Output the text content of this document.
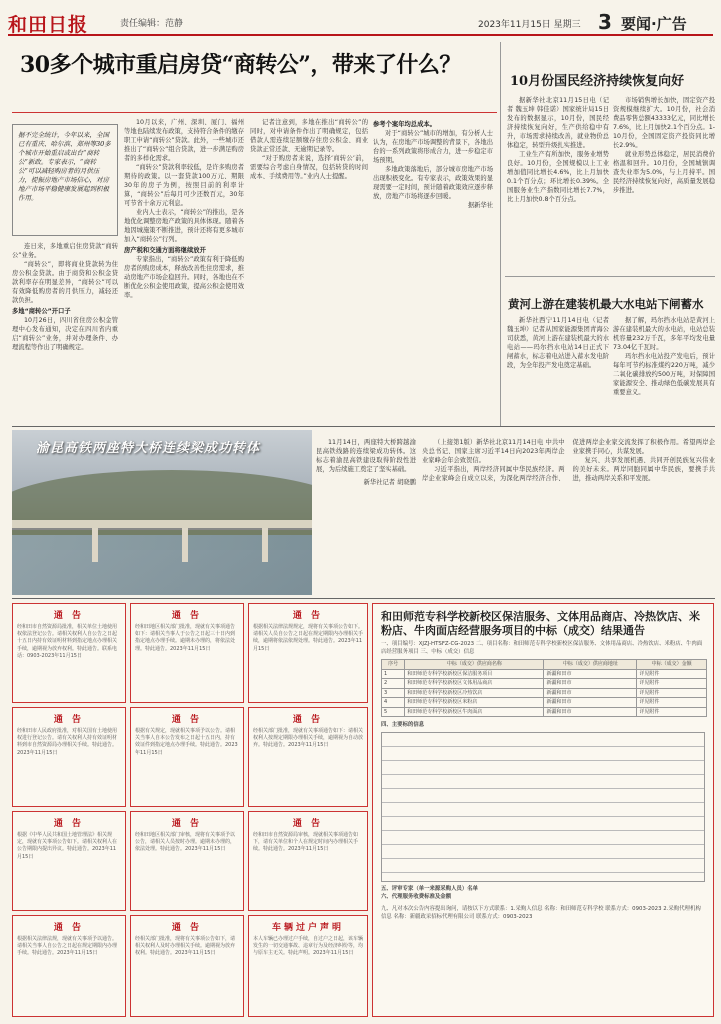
和田日报	责任编辑：范静	2023年11月15日 星期三 3 要闻·广告
30多个城市重启房贷“商转公”，带来了什么？
据不完全统计，今年以来，全国已有重庆、哈尔滨、郑州等30多个城市开始重启或出台“商转公”新政。专家表示，“商转公”可以减轻购房者的月供压力，提振房地产市场信心，对房地产市场平稳健康发展起到积极作用。

连日来，多地重启住房贷款“商转公”业务。

“商转公”，即将商业贷款转为住房公积金贷款。由于商贷和公积金贷款利率存在明显差异，“商转公”可以有效降低购房者的月供压力，减轻还款负担。

多地“商转公”开口子

10月26日，四川省住房公积金管理中心发布通知，决定在四川省内重启“商转公”业务，并对办理条件、办理流程等作出了明确规定。

10月以来，广州、深圳、厦门、福州等地也陆续发布政策，支持符合条件的缴存职工申请“商转公”贷款。此外，一些城市还推出了“商转公”组合贷款，进一步满足购房者的多样化需求。

“商转公”贷款利率较低，是许多购房者期待的政策。以一套贷款100万元、期限30年的房子为例，按照目前的利率计算，“商转公”后每月可少还数百元，30年可节省十余万元利息。

业内人士表示，“商转公”的推出，是各地优化调整房地产政策的具体体现。随着各地因城施策不断推进，预计还将有更多城市加入“商转公”行列。

房产税和交通方面将继续放开

专家指出，“商转公”政策有利于降低购房者的购房成本，释放改善性住房需求，推动房地产市场企稳回升。同时，各地也在不断优化公积金使用政策，提高公积金使用效率。

记者注意到，多地在推出“商转公”的同时，对申请条件作出了明确规定，包括借款人需连续足额缴存住房公积金、商业贷款正常还款、无逾期记录等。

“对于购房者来说，选择‘商转公’前，需要综合考虑自身情况，包括转贷的时间成本、手续费用等。”业内人士提醒。

参考个案年均总成本。

对于“商转公”城市的增加，有分析人士认为，在房地产市场调整的背景下，各地出台的一系列政策将形成合力，进一步稳定市场预期。

多地政策落地后，部分城市房地产市场出现积极变化。有专家表示，政策效果的显现需要一定时间，预计随着政策效应逐步释放，房地产市场将逐步回暖。

据新华社

10月份国民经济持续恢复向好

据新华社北京11月15日电（记者 魏玉坤 韩佳诺）国家统计局15日发布的数据显示，10月份，国民经济持续恢复向好，生产供给稳中有升，市场需求持续改善，就业物价总体稳定，转型升级扎实推进。

工业生产有所加快，服务业增势良好。10月份，全国规模以上工业增加值同比增长4.6%，比上月加快0.1个百分点；环比增长0.39%。全国服务业生产指数同比增长7.7%，比上月加快0.8个百分点。

市场销售增长加快，固定资产投资规模继续扩大。10月份，社会消费品零售总额43333亿元，同比增长7.6%，比上月加快2.1个百分点。1-10月份，全国固定资产投资同比增长2.9%。

就业形势总体稳定，居民消费价格温和回升。10月份，全国城镇调查失业率为5.0%，与上月持平。国民经济持续恢复向好，高质量发展稳步推进。

黄河上游在建装机最大水电站下闸蓄水

新华社西宁11月14日电（记者 魏玉坤）记者从国家能源集团青海公司获悉，黄河上游在建装机最大的水电站——玛尔挡水电站14日正式下闸蓄水，标志着电站进入蓄水发电阶段，为全年投产发电奠定基础。

据了解，玛尔挡水电站是黄河上游在建装机最大的水电站，电站总装机容量232万千瓦，多年平均发电量73.04亿千瓦时。

玛尔挡水电站投产发电后，预计每年可节约标准煤约220万吨，减少二氧化碳排放约500万吨，对保障国家能源安全、推动绿色低碳发展具有重要意义。

渝昆高铁两座特大桥连续梁成功转体	11月14日，两座特大桥跨越渝昆高铁线路的连续梁成功转体。这标志着渝昆高铁建设取得阶段性进展，为后续施工奠定了坚实基础。

新华社记者 胡晓鹏

（上接第1版）新华社北京11月14日电 中共中央总书记、国家主席习近平14日向2023年两岸企业家峰会年会致贺信。

习近平指出，两岸经济同属中华民族经济。两岸企业家峰会自成立以来，为深化两岸经济合作、促进两岸企业家交流发挥了积极作用。希望两岸企业家携手同心，共谋发展。

复兴、共享发展机遇、共同开创民族复兴伟业的美好未来。两岸同胞同属中华民族，要携手共进，推动两岸关系和平发展。

通 告
经和田市自然资源局批准，相关单位土地使用权依法登记公告。请相关权利人自公告之日起十五日内持有效证明材料到指定地点办理相关手续，逾期视为放弃权利。特此通告。联系电话：0903-2023年11月15日
通 告
经和田地区相关部门批准，现就有关事项通告如下：请相关当事人于公告之日起三十日内到指定地点办理手续。逾期未办理的，将依法处理。特此通告。2023年11月15日
通 告
根据相关法律法规规定，现将有关事项公告如下。请相关人员自公告之日起在规定期限内办理相关手续，逾期将依法依规处理。特此通告。2023年11月15日
通 告
经和田市人民政府批准，对相关国有土地使用权进行登记公告。请有关权利人持有效证明材料到市自然资源局办理相关手续。特此通告。2023年11月15日
通 告
根据有关规定，现就相关事项予以公告。请相关当事人自本公告发布之日起十五日内，持有效证件到指定地点办理手续。特此通告。2023年11月15日
通 告
经相关部门批准，现就有关事项通告如下：请相关权利人按规定期限办理相关手续，逾期视为自动放弃。特此通告。2023年11月15日
通 告
根据《中华人民共和国土地管理法》相关规定，现就有关事项公告如下。请相关权利人在公告期限内提出异议。特此通告。2023年11月15日
通 告
经和田地区相关部门审核，现将有关事项予以公告，请相关人员按时办理。逾期未办理的，依法处理。特此通告。2023年11月15日
通 告
经和田市自然资源局审核，现就相关事项通告如下，请有关单位和个人在规定时间内办理相关手续。特此通告。2023年11月15日
通 告
根据相关法律法规，现就有关事项予以通告。请相关当事人自公告之日起在规定期限内办理手续。特此通告。2023年11月15日
通 告
经相关部门批准，现将有关事项公告如下，请相关权利人及时办理相关手续。逾期视为放弃权利。特此通告。2023年11月15日
车辆过户声明
本人车辆已办理过户手续，自过户之日起，该车辆发生的一切交通事故、违章行为及经济纠纷等，均与原车主无关。特此声明。2023年11月15日
和田师范专科学校新校区保洁服务、文体用品商店、冷热饮店、米粉店、牛肉面店经营服务项目的中标（成交）结果通告
一、项目编号：XJZJ-HTSFZ-CG-2023 二、项目名称：和田师范专科学校新校区保洁服务、文体用品商店、冷热饮店、米粉店、牛肉面店经营服务项目 三、中标（成交）信息
序号	中标（成交）供应商名称	中标（成交）供应商地址	中标（成交）金额
1	和田师范专科学校新校区保洁服务项目	新疆和田市	详见附件
2	和田师范专科学校新校区文体用品商店	新疆和田市	详见附件
3	和田师范专科学校新校区冷热饮店	新疆和田市	详见附件
4	和田师范专科学校新校区米粉店	新疆和田市	详见附件
5	和田师范专科学校新校区牛肉面店	新疆和田市	详见附件
四、主要标的信息
五、评审专家（单一来源采购人员）名单
六、代理服务收费标准及金额
九、凡对本次公告内容提出询问，请按以下方式联系：1.采购人信息 名称：和田师范专科学校 联系方式：0903-2023 2.采购代理机构信息 名称：新疆政采招标代理有限公司 联系方式：0903-2023
